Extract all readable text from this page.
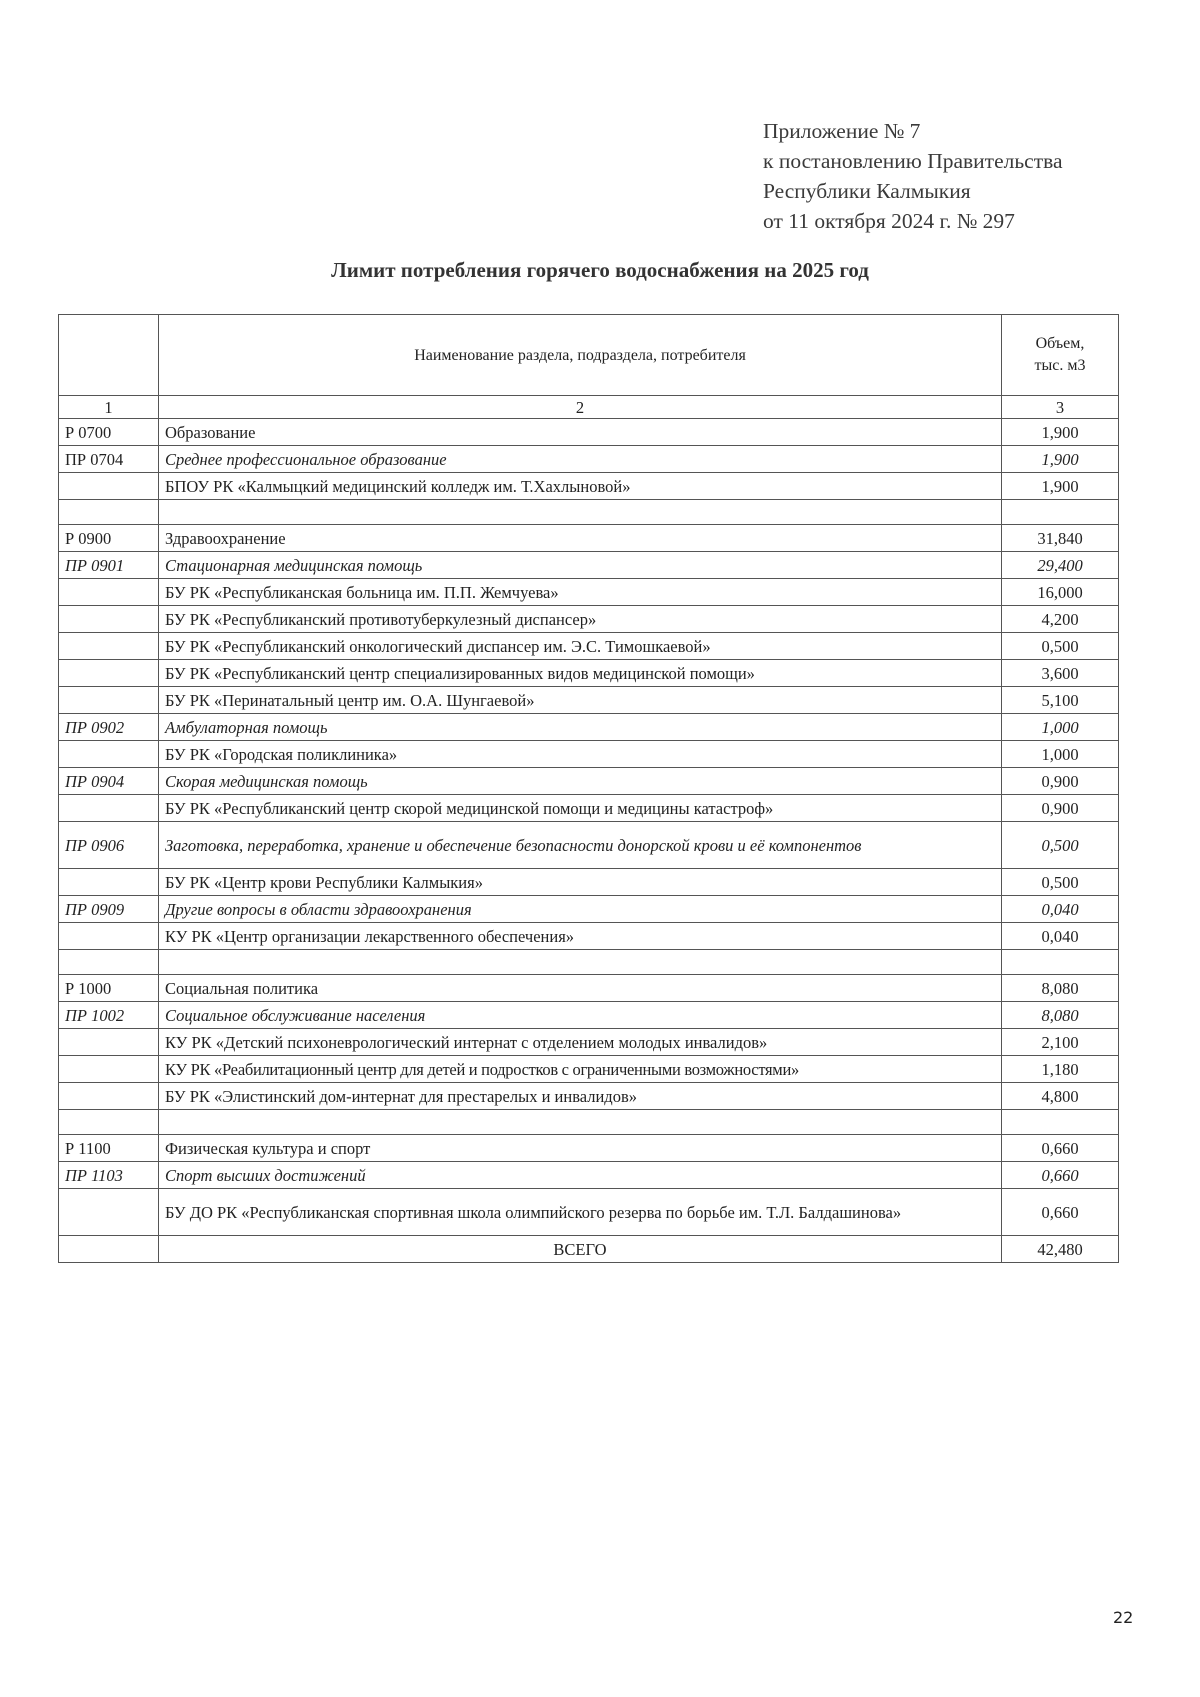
Приложение № 7
к постановлению Правительства
Республики Калмыкия
от 11 октября 2024 г. № 297
Лимит потребления горячего водоснабжения на 2025 год
	Наименование раздела, подраздела, потребителя	Объем,
тыс. м3

1	2	3
Р 0700	Образование	1,900
ПР 0704	Среднее профессиональное образование	1,900
	БПОУ РК «Калмыцкий медицинский колледж им. Т.Хахлыновой»	1,900

Р 0900	Здравоохранение	31,840
ПР 0901	Стационарная медицинская помощь	29,400
	БУ РК «Республиканская больница им. П.П. Жемчуева»	16,000
	БУ РК «Республиканский противотуберкулезный диспансер»	4,200
	БУ РК «Республиканский онкологический диспансер им. Э.С. Тимошкаевой»	0,500
	БУ РК «Республиканский центр специализированных видов медицинской помощи»	3,600
	БУ РК «Перинатальный центр им. О.А. Шунгаевой»	5,100
ПР 0902	Амбулаторная помощь	1,000
	БУ РК «Городская поликлиника»	1,000
ПР 0904	Скорая медицинская помощь	0,900
	БУ РК «Республиканский центр скорой медицинской помощи и медицины катастроф»	0,900
ПР 0906	Заготовка, переработка, хранение и обеспечение безопасности донорской крови и её компонентов	0,500
	БУ РК «Центр крови Республики Калмыкия»	0,500
ПР 0909	Другие вопросы в области здравоохранения	0,040
	КУ РК «Центр организации лекарственного обеспечения»	0,040

Р 1000	Социальная политика	8,080
ПР 1002	Социальное обслуживание населения	8,080
	КУ РК «Детский психоневрологический интернат с отделением молодых инвалидов»	2,100
	КУ РК «Реабилитационный центр для детей и подростков с ограниченными возможностями»	1,180
	БУ РК «Элистинский дом-интернат для престарелых и инвалидов»	4,800

Р 1100	Физическая культура и спорт	0,660
ПР 1103	Спорт высших достижений	0,660
	БУ ДО РК «Республиканская спортивная школа олимпийского резерва по борьбе им. Т.Л. Балдашинова»	0,660
	ВСЕГО	42,480
22
